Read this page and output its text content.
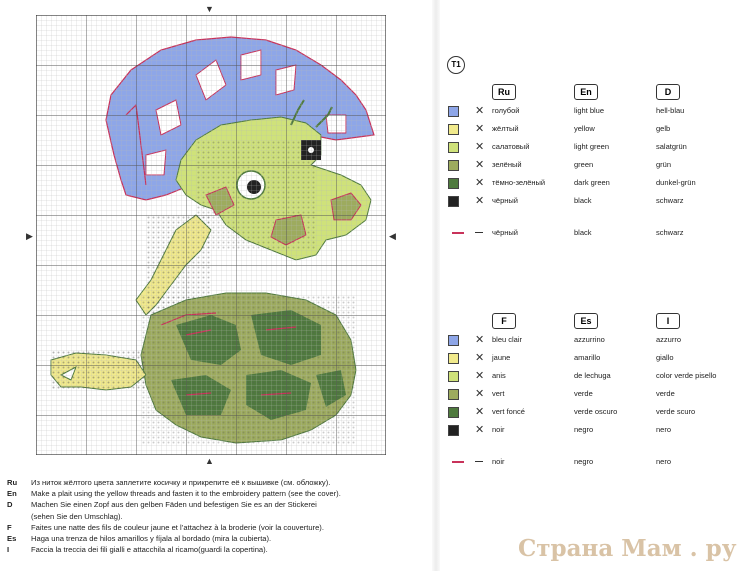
▼
▲
▶	◀
T1
Ru	En	D
✕ голубой	light blue	hell-blau
✕ жёлтый	yellow	gelb
✕ салатовый	light green	salatgrün
✕ зелёный	green	grün
✕ тёмно-зелёный	dark green	dunkel-grün
✕ чёрный	black	schwarz
чёрный	black	schwarz
F	Es	I
✕ bleu clair	azzurrino	azzurro
✕ jaune	amarillo	giallo
✕ anis	de lechuga	color verde pisello
✕ vert	verde	verde
✕ vert foncé	verde oscuro	verde scuro
✕ noir	negro	nero
noir	negro	nero
Ru Из ниток жёлтого цвета заплетите косичку и прикрепите её к вышивке (см. обложку).
En Make a plait using the yellow threads and fasten it to the embroidery pattern (see the cover).
D Machen Sie einen Zopf aus den gelben Fäden und befestigen Sie es an der Stickerei
(sehen Sie den Umschlag).
F	Faites une natte des fils de couleur jaune et l’attachez à la broderie (voir la couverture).
Es Haga una trenza de hilos amarillos y fíjala al bordado (mira la cubierta).
I	Faccia la treccia dei fili gialli e attacchila al ricamo(guardi la copertina).	Страна Мам . ру
